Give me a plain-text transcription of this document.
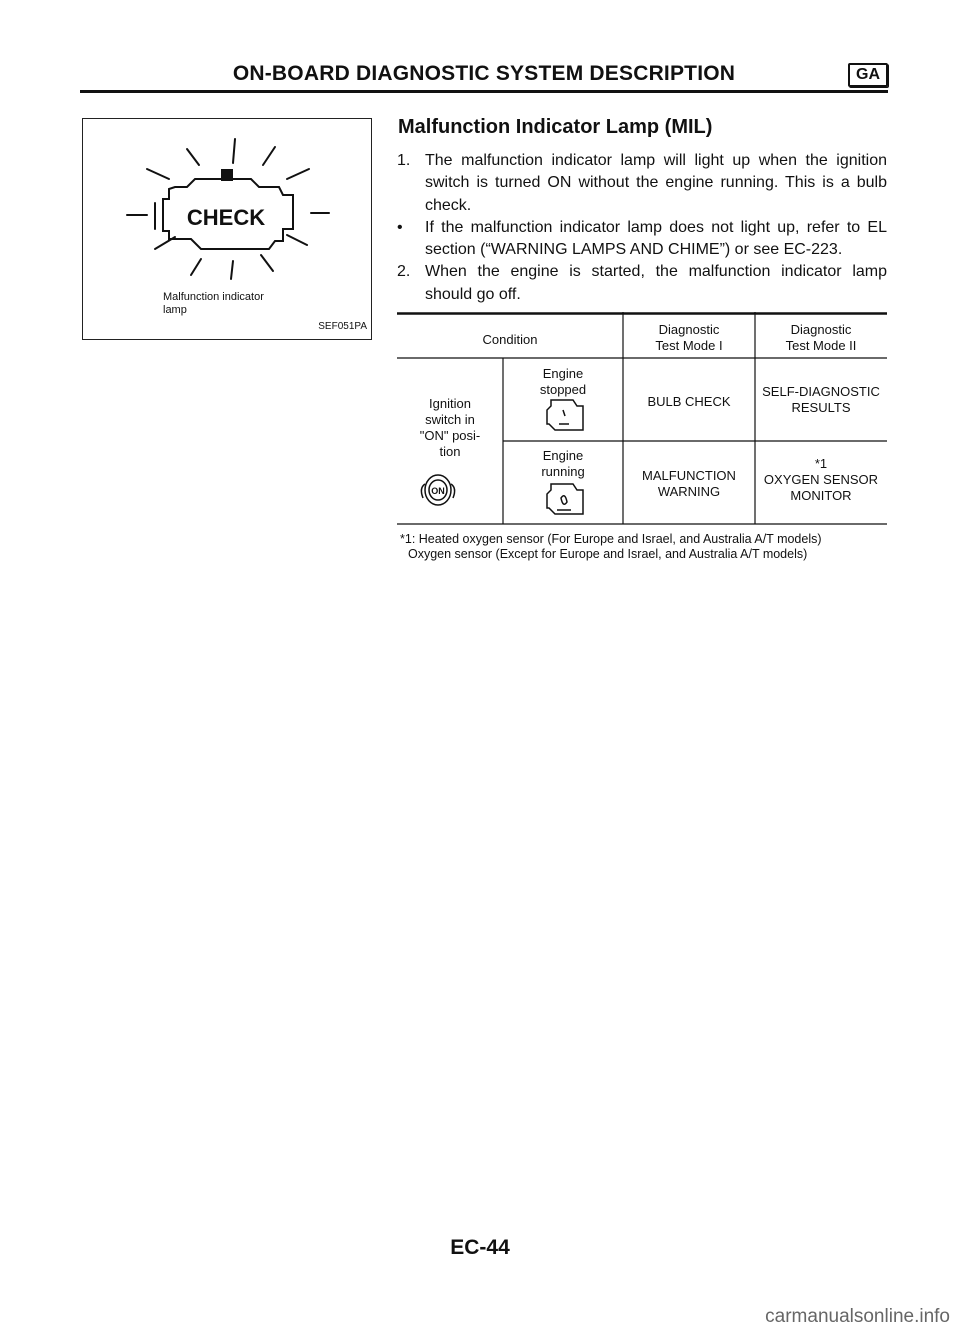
ON-BOARD DIAGNOSTIC SYSTEM DESCRIPTION	GA
CHECK
Malfunction indicator
lamp
SEF051PA
Malfunction Indicator Lamp (MIL)
1. The malfunction indicator lamp will light up when the ignition switch is turned ON without the engine running. This is a bulb check.
• If the malfunction indicator lamp does not light up, refer to EL section (“WARNING LAMPS AND CHIME”) or see EC-223.
2. When the engine is started, the malfunction indicator lamp should go off.
ON
Condition
Diagnostic
Test Mode I
Diagnostic
Test Mode II
Ignition
switch in
"ON" posi-
tion
Engine
stopped
BULB CHECK
SELF-DIAGNOSTIC
RESULTS
Engine
running	MALFUNCTION
WARNING
*1
OXYGEN SENSOR
MONITOR
*1: Heated oxygen sensor (For Europe and Israel, and Australia A/T models)
Oxygen sensor (Except for Europe and Israel, and Australia A/T models)
EC-44
carmanualsonline.info
